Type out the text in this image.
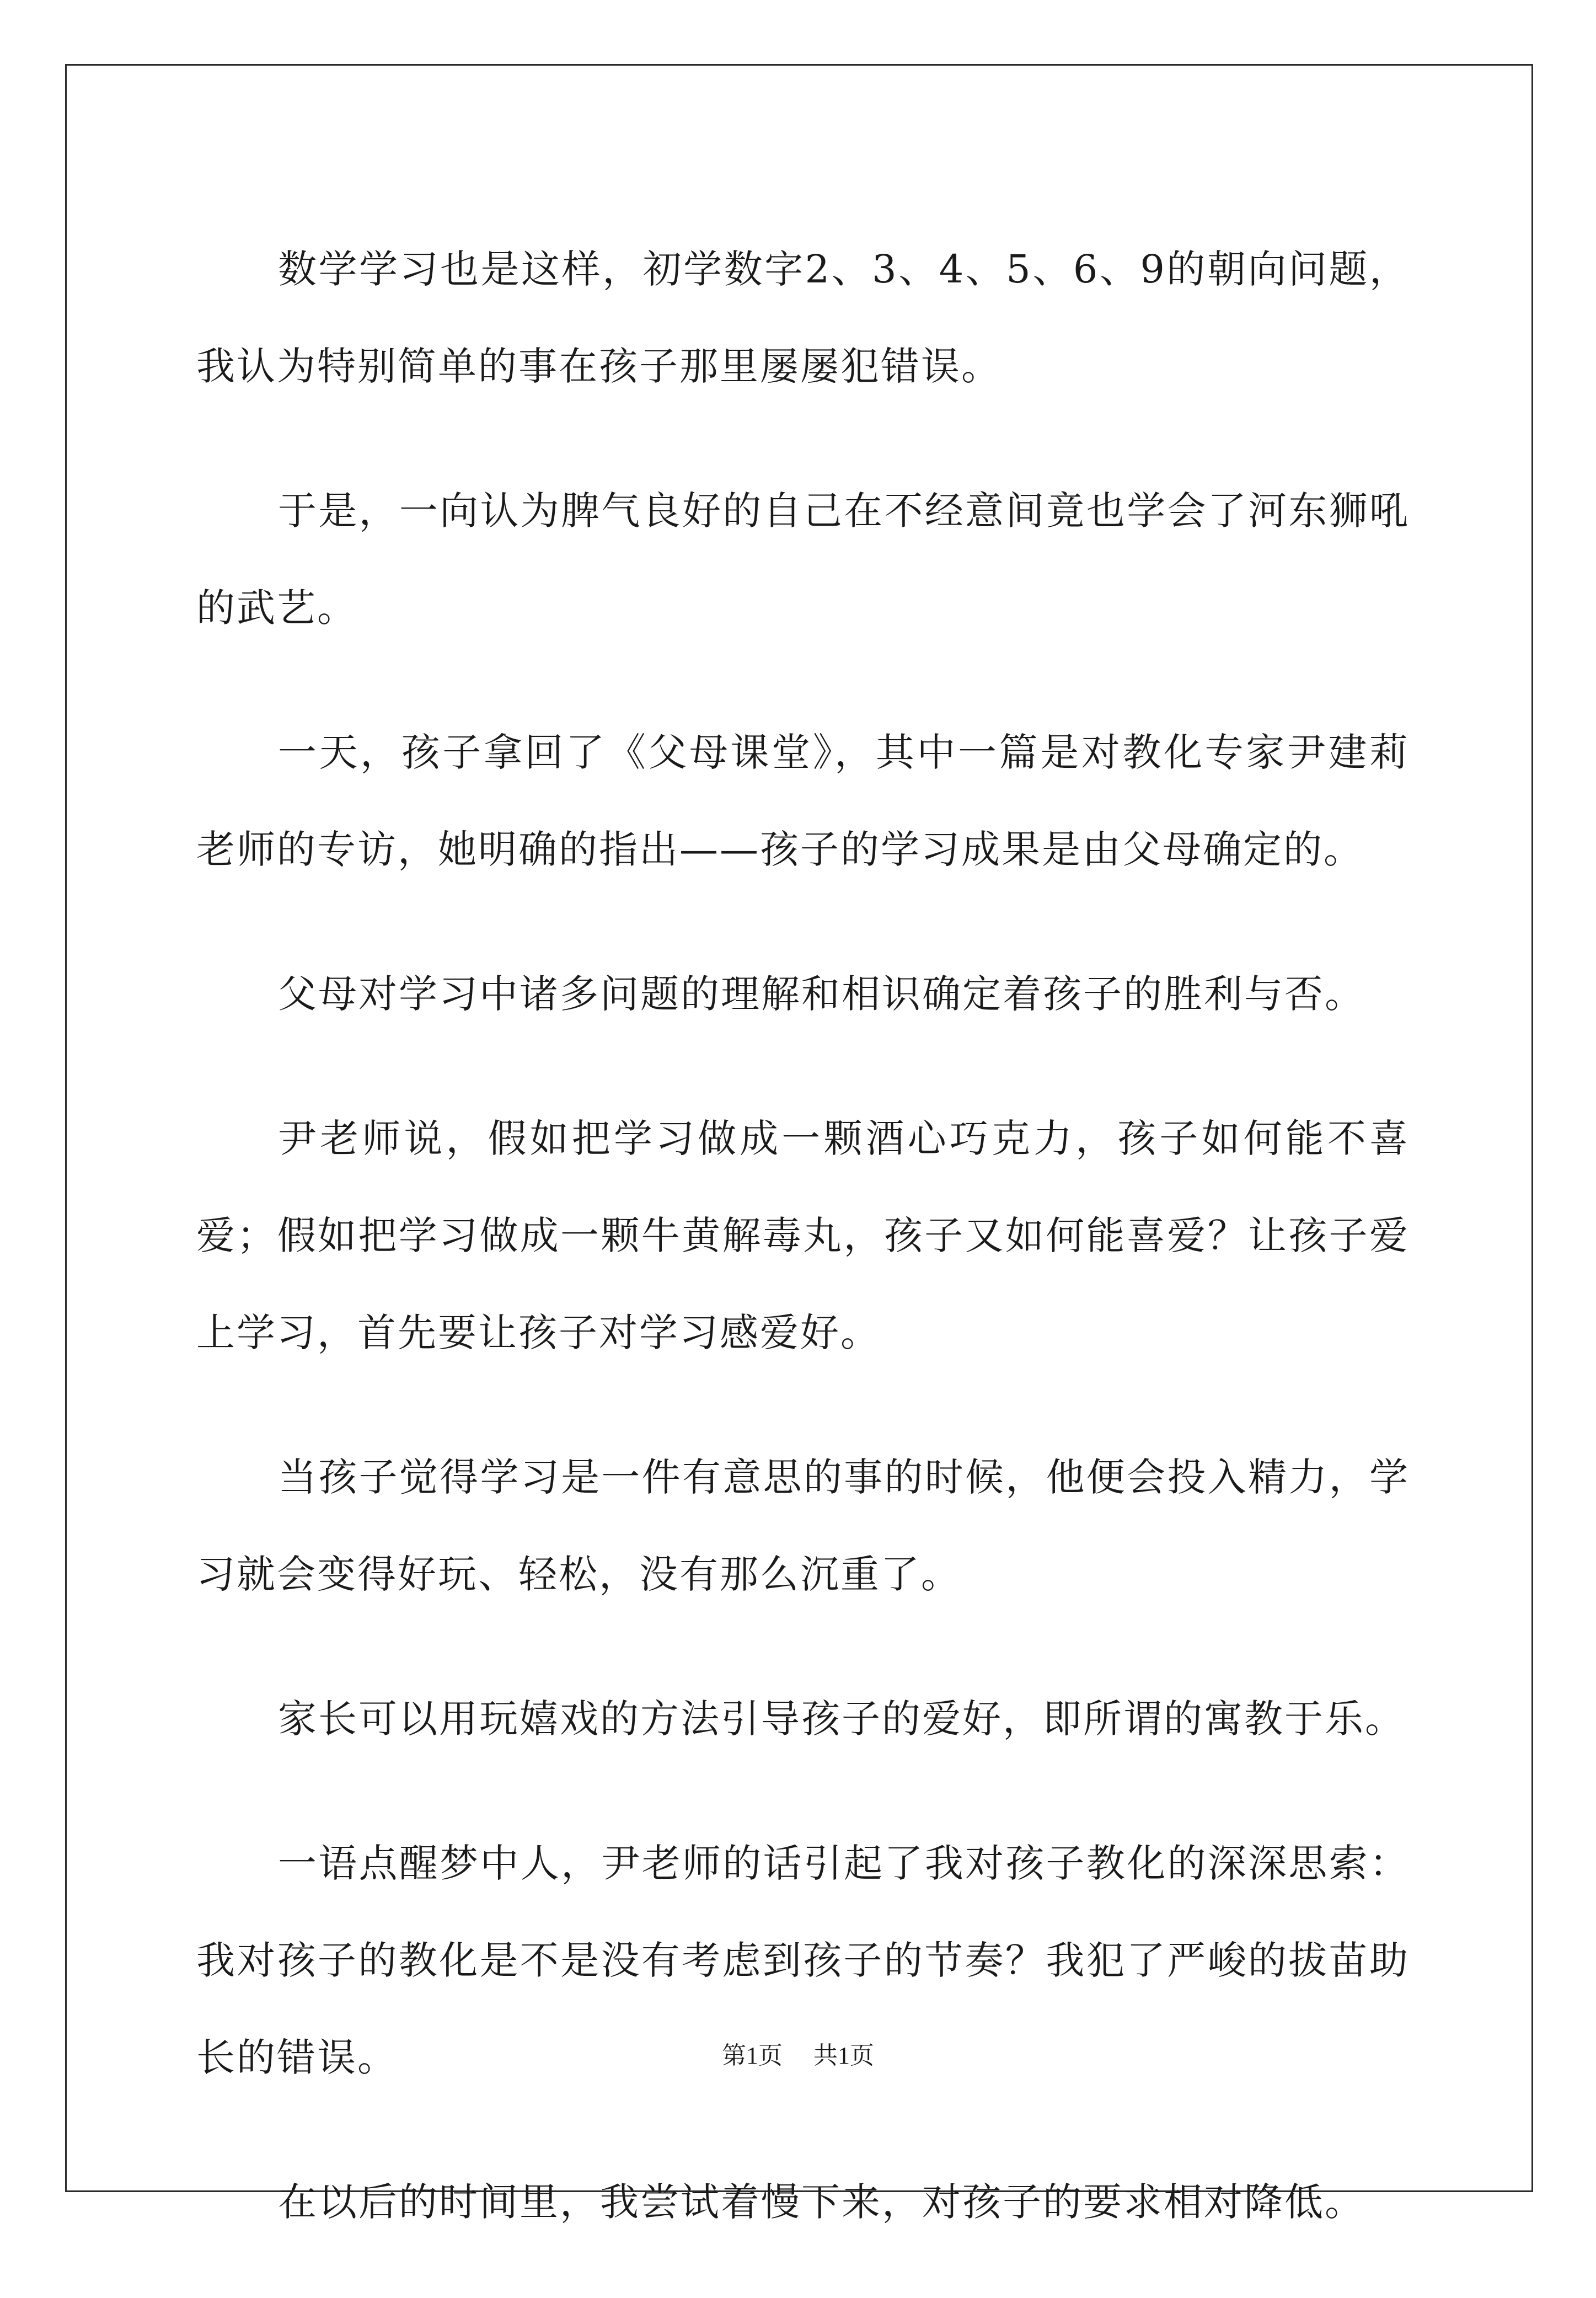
数学学习也是这样，初学数字2、3、4、5、6、9的朝向问题，我认为特别简单的事在孩子那里屡屡犯错误。

于是，一向认为脾气良好的自己在不经意间竟也学会了河东狮吼的武艺。

一天，孩子拿回了《父母课堂》，其中一篇是对教化专家尹建莉老师的专访，她明确的指出——孩子的学习成果是由父母确定的。

父母对学习中诸多问题的理解和相识确定着孩子的胜利与否。

尹老师说，假如把学习做成一颗酒心巧克力，孩子如何能不喜爱；假如把学习做成一颗牛黄解毒丸，孩子又如何能喜爱？让孩子爱上学习，首先要让孩子对学习感爱好。

当孩子觉得学习是一件有意思的事的时候，他便会投入精力，学习就会变得好玩、轻松，没有那么沉重了。

家长可以用玩嬉戏的方法引导孩子的爱好，即所谓的寓教于乐。

一语点醒梦中人，尹老师的话引起了我对孩子教化的深深思索：我对孩子的教化是不是没有考虑到孩子的节奏？我犯了严峻的拔苗助长的错误。

在以后的时间里，我尝试着慢下来，对孩子的要求相对降低。

第1页 共1页
